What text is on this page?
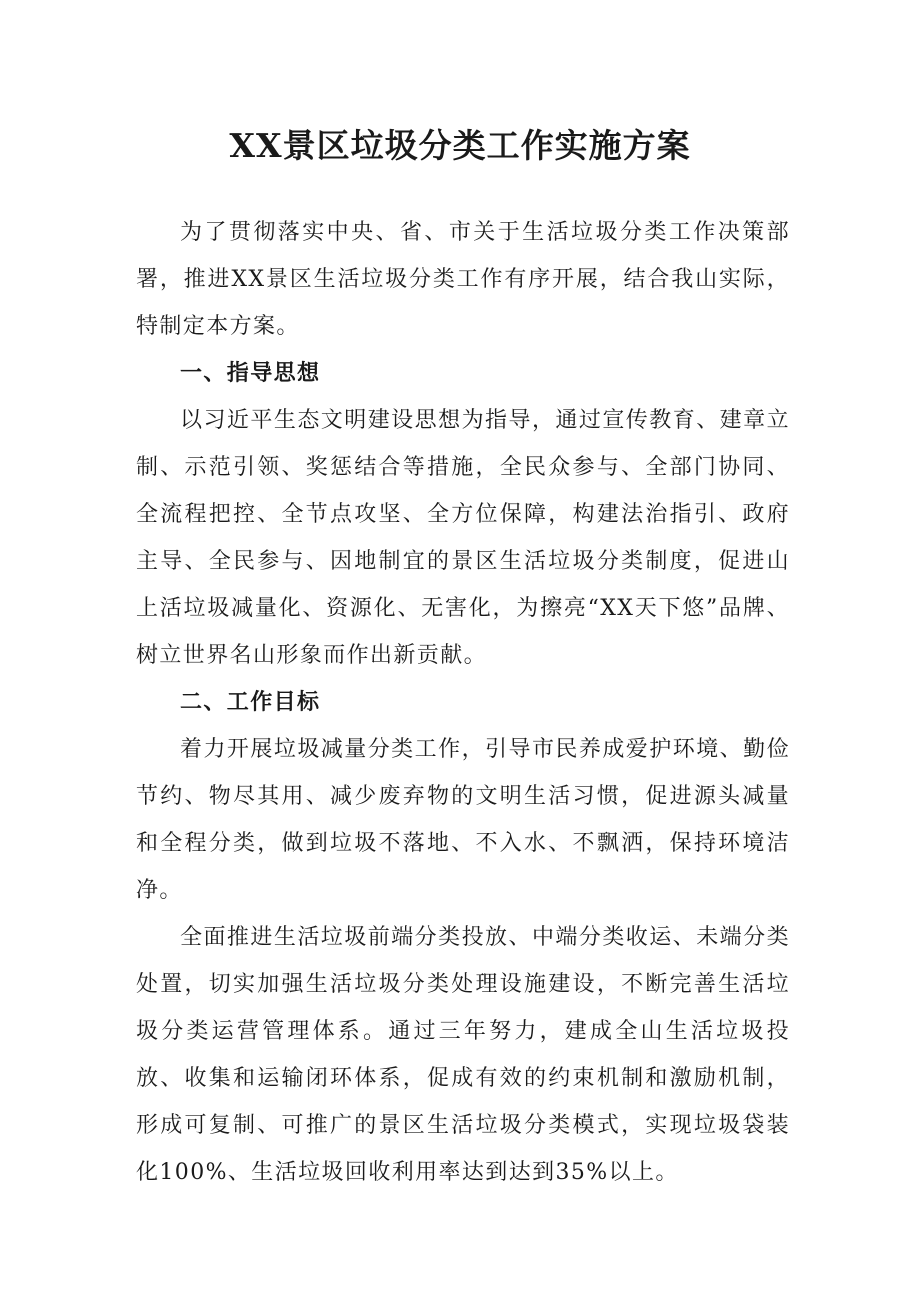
XX景区垃圾分类工作实施方案

为了贯彻落实中央、省、市关于生活垃圾分类工作决策部署，推进XX景区生活垃圾分类工作有序开展，结合我山实际，特制定本方案。

一、指导思想

以习近平生态文明建设思想为指导，通过宣传教育、建章立制、示范引领、奖惩结合等措施，全民众参与、全部门协同、全流程把控、全节点攻坚、全方位保障，构建法治指引、政府主导、全民参与、因地制宜的景区生活垃圾分类制度，促进山上活垃圾减量化、资源化、无害化，为擦亮“XX天下悠”品牌、树立世界名山形象而作出新贡献。

二、工作目标

着力开展垃圾减量分类工作，引导市民养成爱护环境、勤俭节约、物尽其用、减少废弃物的文明生活习惯，促进源头减量和全程分类，做到垃圾不落地、不入水、不飘洒，保持环境洁净。

全面推进生活垃圾前端分类投放、中端分类收运、未端分类处置，切实加强生活垃圾分类处理设施建设，不断完善生活垃圾分类运营管理体系。通过三年努力，建成全山生活垃圾投放、收集和运输闭环体系，促成有效的约束机制和激励机制，形成可复制、可推广的景区生活垃圾分类模式，实现垃圾袋装化100%、生活垃圾回收利用率达到达到35%以上。
